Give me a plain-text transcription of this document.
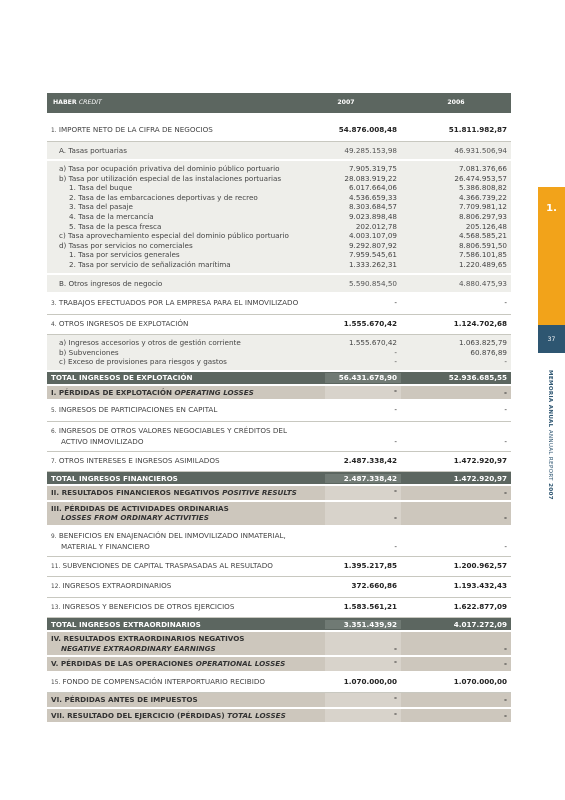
HABER CREDIT	2007	2006
1. IMPORTE NETO DE LA CIFRA DE NEGOCIOS	54.876.008,48	51.811.982,87
A. Tasas portuarias	49.285.153,98	46.931.506,94
a) Tasa por ocupación privativa del dominio público portuario	7.905.319,75	7.081.376,66
b) Tasa por utilización especial de las instalaciones portuarias	28.083.919,22	26.474.953,57
1. Tasa del buque	6.017.664,06	5.386.808,82
2. Tasa de las embarcaciones deportivas y de recreo	4.536.659,33	4.366.739,22
3. Tasa del pasaje	8.303.684,57	7.709.981,12
4. Tasa de la mercancía	9.023.898,48	8.806.297,93
5. Tasa de la pesca fresca	202.012,78	205.126,48
c) Tasa aprovechamiento especial del dominio público portuario	4.003.107,09	4.568.585,21
d) Tasas por servicios no comerciales	9.292.807,92	8.806.591,50
1. Tasa por servicios generales	7.959.545,61	7.586.101,85
2. Tasa por servicio de señalización marítima	1.333.262,31	1.220.489,65
B. Otros ingresos de negocio	5.590.854,50	4.880.475,93
3. TRABAJOS EFECTUADOS POR LA EMPRESA PARA EL INMOVILIZADO	-	-
4. OTROS INGRESOS DE EXPLOTACIÓN	1.555.670,42	1.124.702,68
a) Ingresos accesorios y otros de gestión corriente	1.555.670,42	1.063.825,79
b) Subvenciones	-	60.876,89
c) Exceso de provisiones para riesgos y gastos	-	-
TOTAL INGRESOS DE EXPLOTACIÓN	56.431.678,90	52.936.685,55
I. PÉRDIDAS DE EXPLOTACIÓN OPERATING LOSSES	-	-
5. INGRESOS DE PARTICIPACIONES EN CAPITAL	-	-
6. INGRESOS DE OTROS VALORES NEGOCIABLES Y CRÉDITOS DEL
ACTIVO INMOVILIZADO	-	-
7. OTROS INTERESES E INGRESOS ASIMILADOS	2.487.338,42	1.472.920,97
TOTAL INGRESOS FINANCIEROS	2.487.338,42	1.472.920,97
II. RESULTADOS FINANCIEROS NEGATIVOS POSITIVE RESULTS	-	-
III. PÉRDIDAS DE ACTIVIDADES ORDINARIAS
LOSSES FROM ORDINARY ACTIVITIES	-	-
9. BENEFICIOS EN ENAJENACIÓN DEL INMOVILIZADO INMATERIAL,
MATERIAL Y FINANCIERO	-	-
11. SUBVENCIONES DE CAPITAL TRASPASADAS AL RESULTADO	1.395.217,85	1.200.962,57
12. INGRESOS EXTRAORDINARIOS	372.660,86	1.193.432,43
13. INGRESOS Y BENEFICIOS DE OTROS EJERCICIOS	1.583.561,21	1.622.877,09
TOTAL INGRESOS EXTRAORDINARIOS	3.351.439,92	4.017.272,09
IV. RESULTADOS EXTRAORDINARIOS NEGATIVOS
NEGATIVE EXTRAORDINARY EARNINGS	-	-
V. PÉRDIDAS DE LAS OPERACIONES OPERATIONAL LOSSES	-	-
15. FONDO DE COMPENSACIÓN INTERPORTUARIO RECIBIDO	1.070.000,00	1.070.000,00
VI. PÉRDIDAS ANTES DE IMPUESTOS	-	-
VII. RESULTADO DEL EJERCICIO (PÉRDIDAS) TOTAL LOSSES	-	-
1.
37
MEMORIA ANUAL ANNUAL REPORT 2007
